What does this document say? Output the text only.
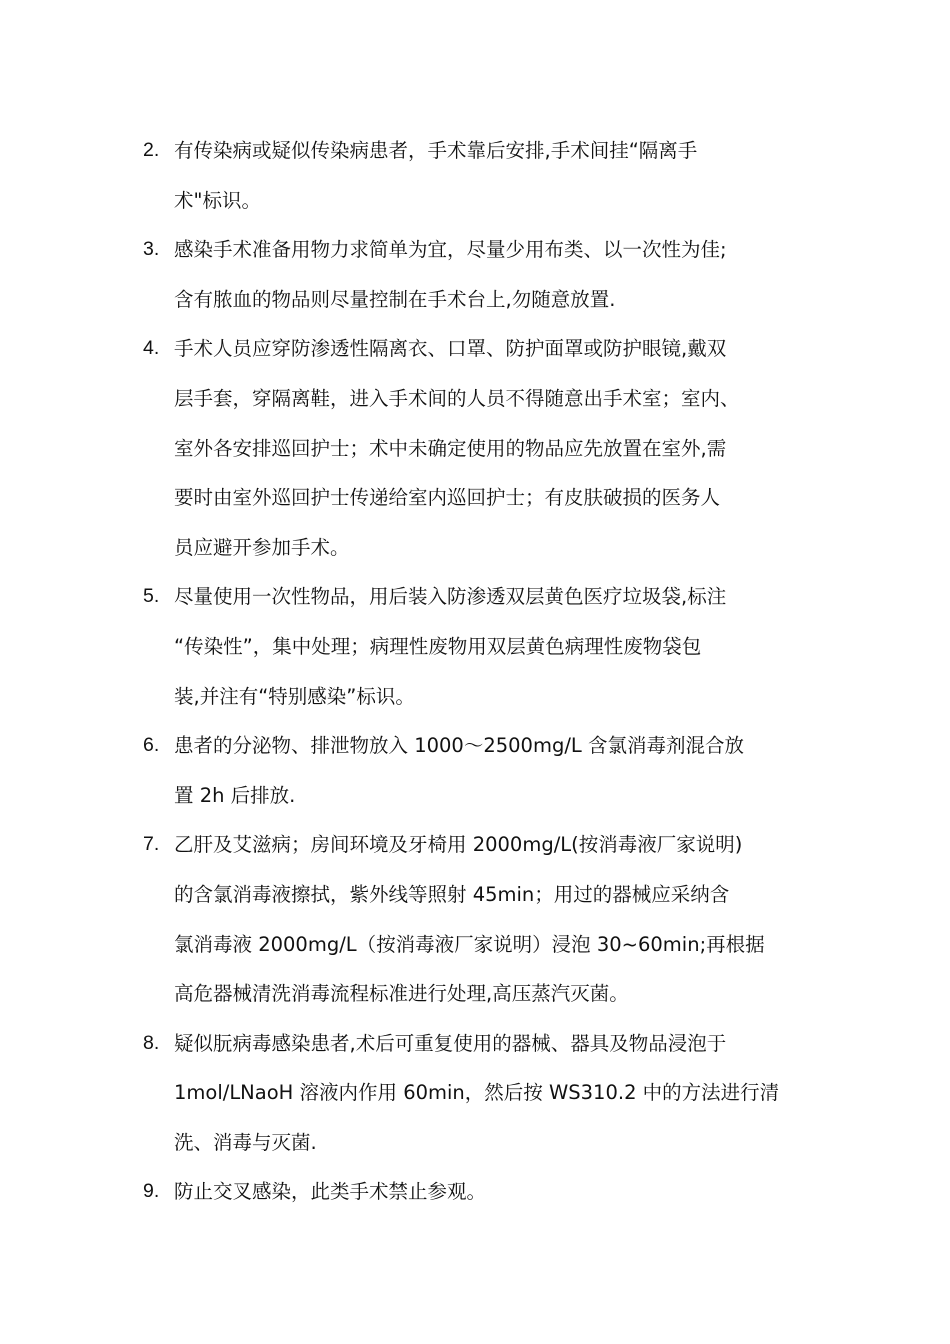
2. 有传染病或疑似传染病患者，手术靠后安排,手术间挂“隔离手
术"标识。
3. 感染手术准备用物力求简单为宜，尽量少用布类、以一次性为佳;
含有脓血的物品则尽量控制在手术台上,勿随意放置.
4. 手术人员应穿防渗透性隔离衣、口罩、防护面罩或防护眼镜,戴双
层手套，穿隔离鞋，进入手术间的人员不得随意出手术室；室内、
室外各安排巡回护士；术中未确定使用的物品应先放置在室外,需
要时由室外巡回护士传递给室内巡回护士；有皮肤破损的医务人
员应避开参加手术。
5. 尽量使用一次性物品，用后装入防渗透双层黄色医疗垃圾袋,标注
“传染性”，集中处理；病理性废物用双层黄色病理性废物袋包
装,并注有“特别感染”标识。
6. 患者的分泌物、排泄物放入 1000～2500mg/L 含氯消毒剂混合放
置 2h 后排放.
7. 乙肝及艾滋病；房间环境及牙椅用 2000mg/L(按消毒液厂家说明)
的含氯消毒液擦拭，紫外线等照射 45min；用过的器械应采纳含
氯消毒液 2000mg/L（按消毒液厂家说明）浸泡 30~60min;再根据
高危器械清洗消毒流程标准进行处理,高压蒸汽灭菌。
8. 疑似朊病毒感染患者,术后可重复使用的器械、器具及物品浸泡于
1mol/LNaoH 溶液内作用 60min，然后按 WS310.2 中的方法进行清
洗、消毒与灭菌.
9. 防止交叉感染，此类手术禁止参观。
